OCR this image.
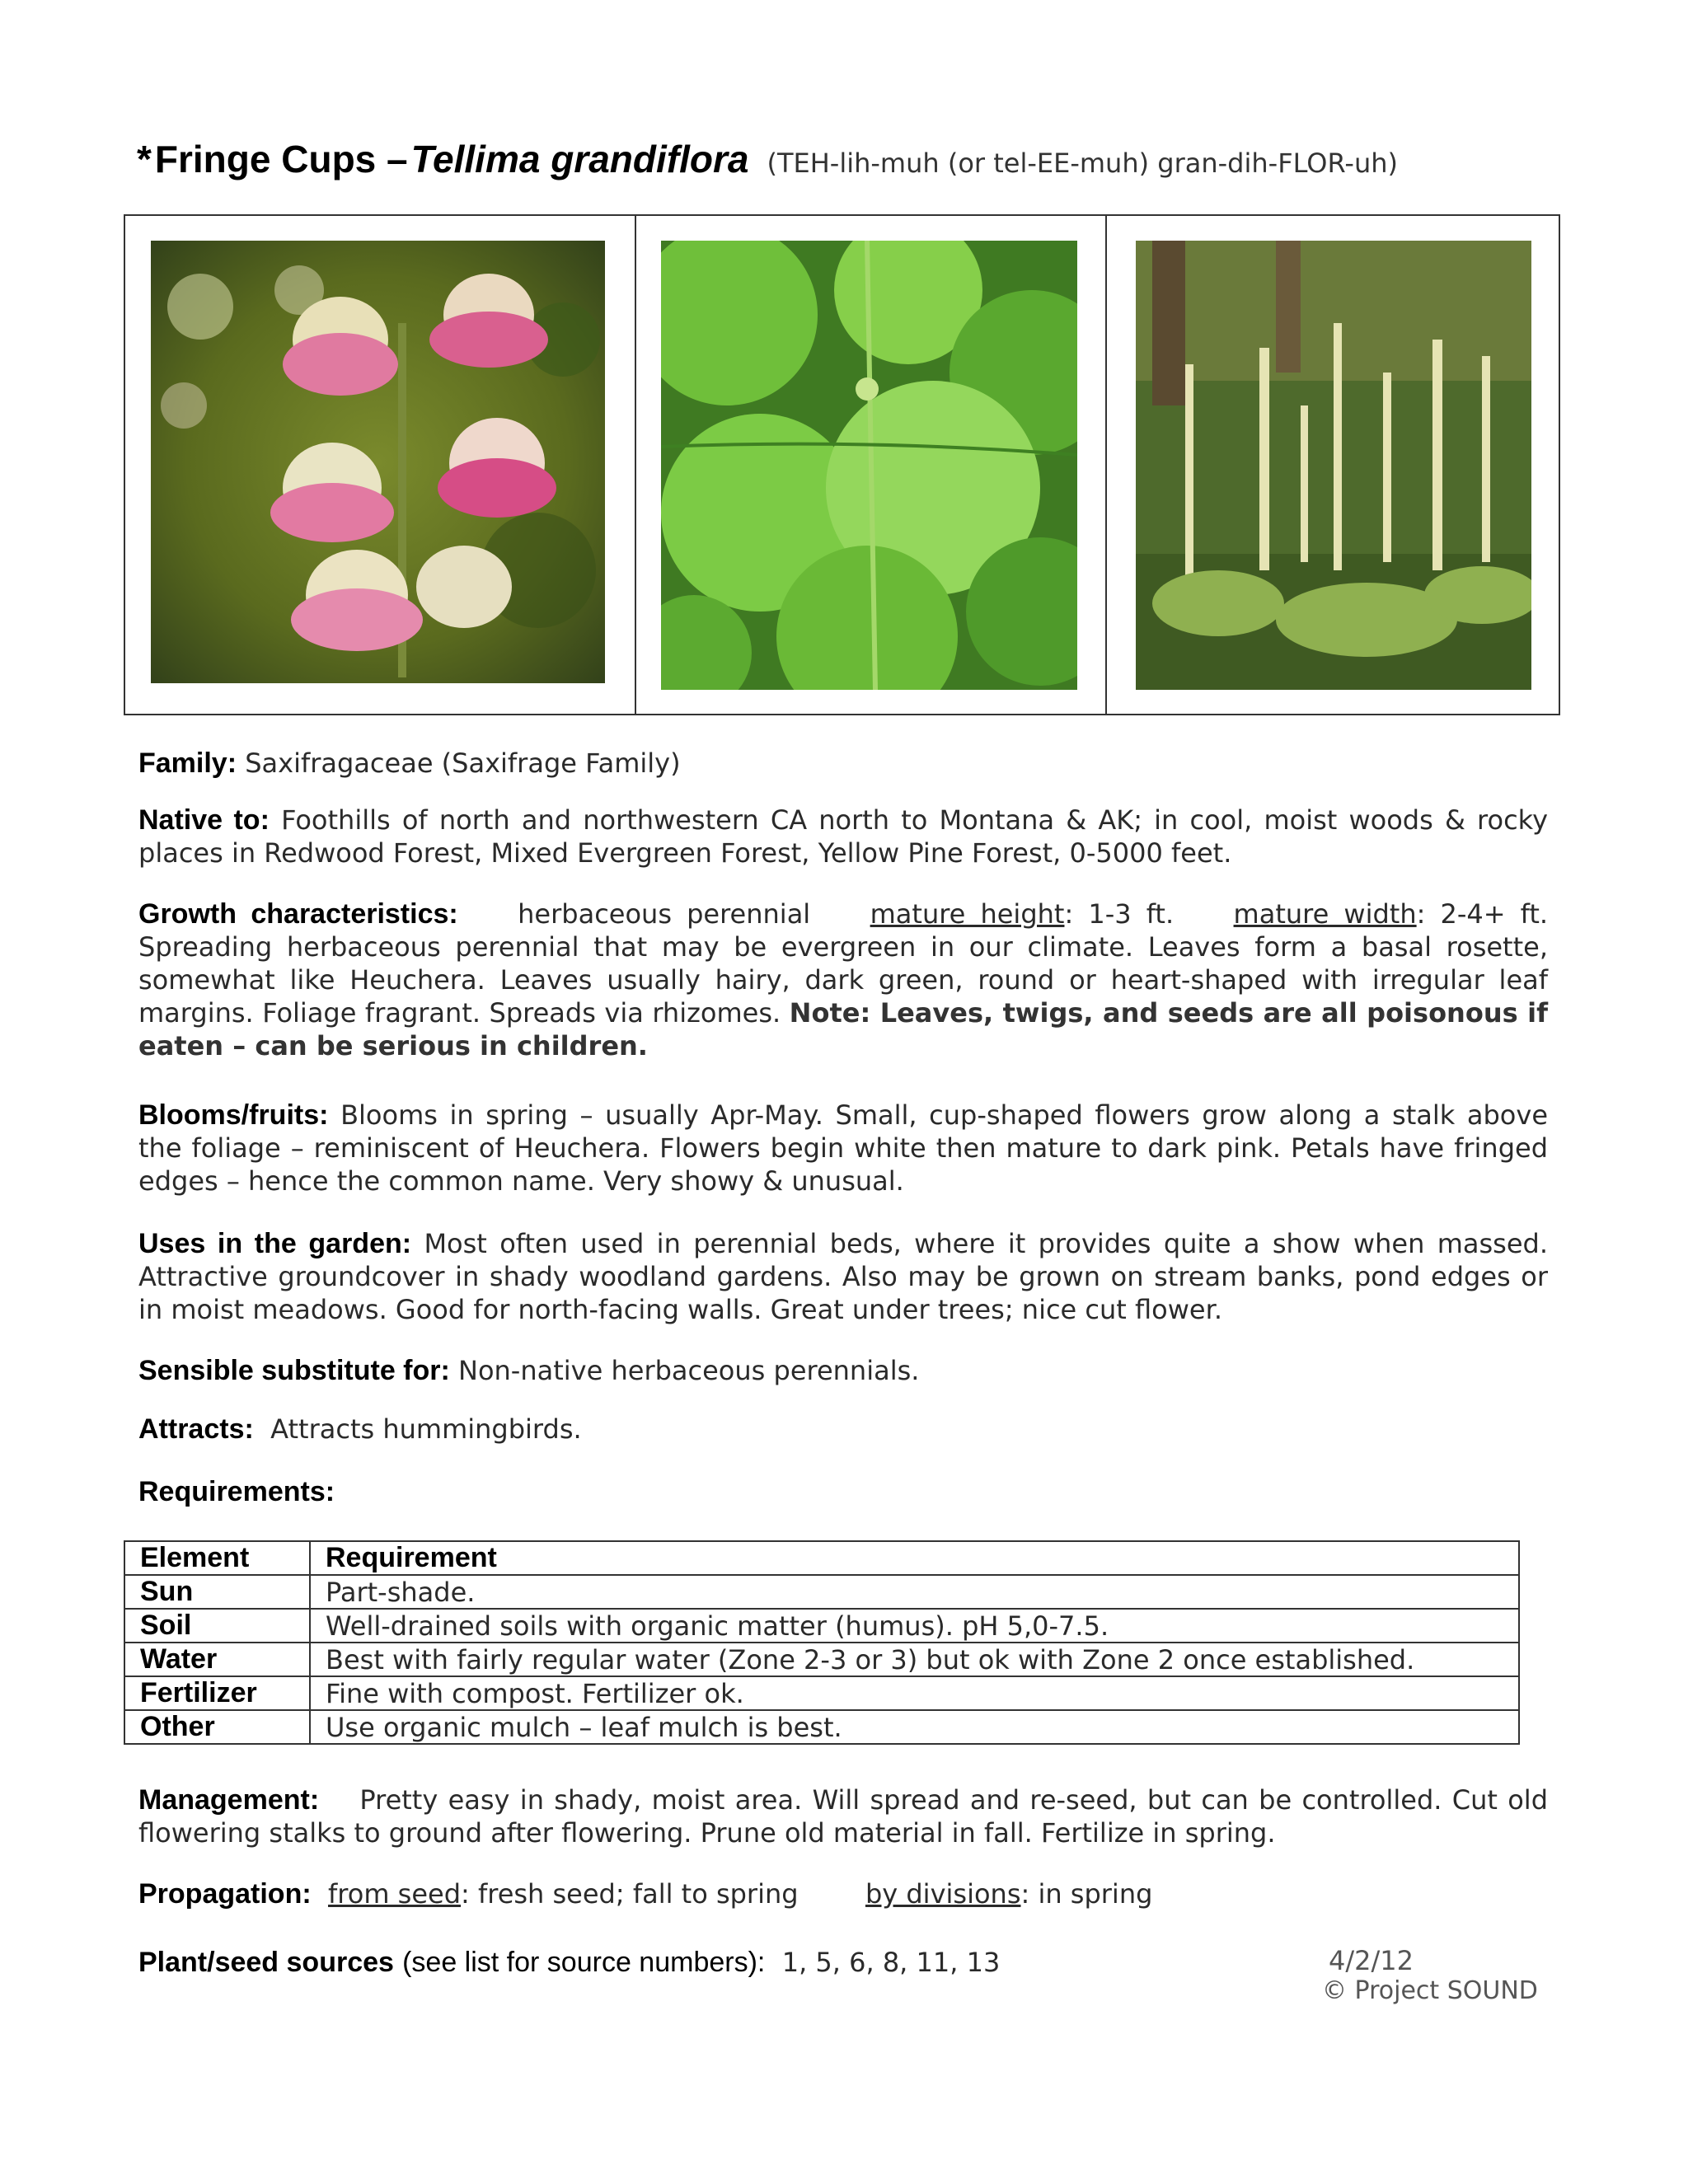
* Fringe Cups – Tellima grandiflora (TEH-lih-muh (or tel-EE-muh) gran-dih-FLOR-uh)
Family: Saxifragaceae (Saxifrage Family)
Native to: Foothills of north and northwestern CA north to Montana & AK; in cool, moist woods & rocky places in Redwood Forest, Mixed Evergreen Forest, Yellow Pine Forest, 0-5000 feet.
Growth characteristics: herbaceous perennial mature height: 1-3 ft. mature width: 2-4+ ft. Spreading herbaceous perennial that may be evergreen in our climate. Leaves form a basal rosette, somewhat like Heuchera. Leaves usually hairy, dark green, round or heart-shaped with irregular leaf margins. Foliage fragrant. Spreads via rhizomes. Note: Leaves, twigs, and seeds are all poisonous if eaten – can be serious in children.
Blooms/fruits: Blooms in spring – usually Apr-May. Small, cup-shaped flowers grow along a stalk above the foliage – reminiscent of Heuchera. Flowers begin white then mature to dark pink. Petals have fringed edges – hence the common name. Very showy & unusual.
Uses in the garden: Most often used in perennial beds, where it provides quite a show when massed. Attractive groundcover in shady woodland gardens. Also may be grown on stream banks, pond edges or in moist meadows. Good for north-facing walls. Great under trees; nice cut flower.
Sensible substitute for: Non-native herbaceous perennials.
Attracts: Attracts hummingbirds.
Requirements:
Element	Requirement
Sun	Part-shade.
Soil	Well-drained soils with organic matter (humus). pH 5,0-7.5.
Water	Best with fairly regular water (Zone 2-3 or 3) but ok with Zone 2 once established.
Fertilizer	Fine with compost. Fertilizer ok.
Other	Use organic mulch – leaf mulch is best.
Management: Pretty easy in shady, moist area. Will spread and re-seed, but can be controlled. Cut old flowering stalks to ground after flowering. Prune old material in fall. Fertilize in spring.
Propagation: from seed: fresh seed; fall to spring	by divisions: in spring
Plant/seed sources (see list for source numbers): 1, 5, 6, 8, 11, 13	4/2/12
© Project SOUND
